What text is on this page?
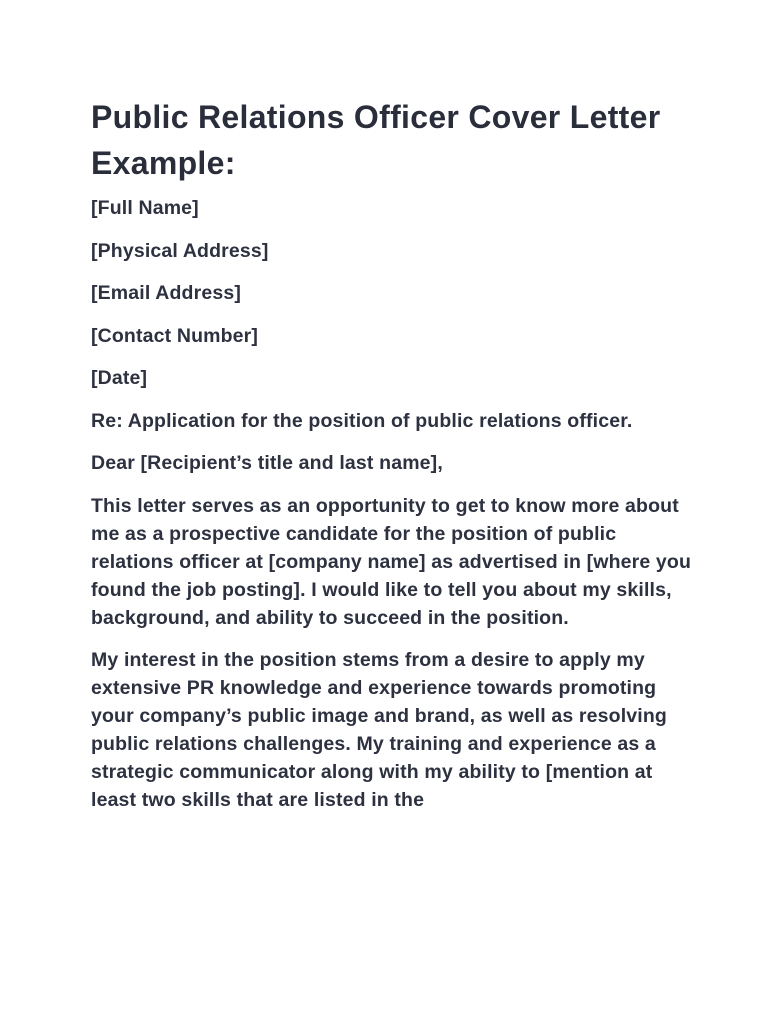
Public Relations Officer Cover Letter Example:

[Full Name]

[Physical Address]

[Email Address]

[Contact Number]

[Date]

Re: Application for the position of public relations officer.

Dear [Recipient’s title and last name],

This letter serves as an opportunity to get to know more about me as a prospective candidate for the position of public relations officer at [company name] as advertised in [where you found the job posting]. I would like to tell you about my skills, background, and ability to succeed in the position.

My interest in the position stems from a desire to apply my extensive PR knowledge and experience towards promoting your company’s public image and brand, as well as resolving public relations challenges. My training and experience as a strategic communicator along with my ability to [mention at least two skills that are listed in the
